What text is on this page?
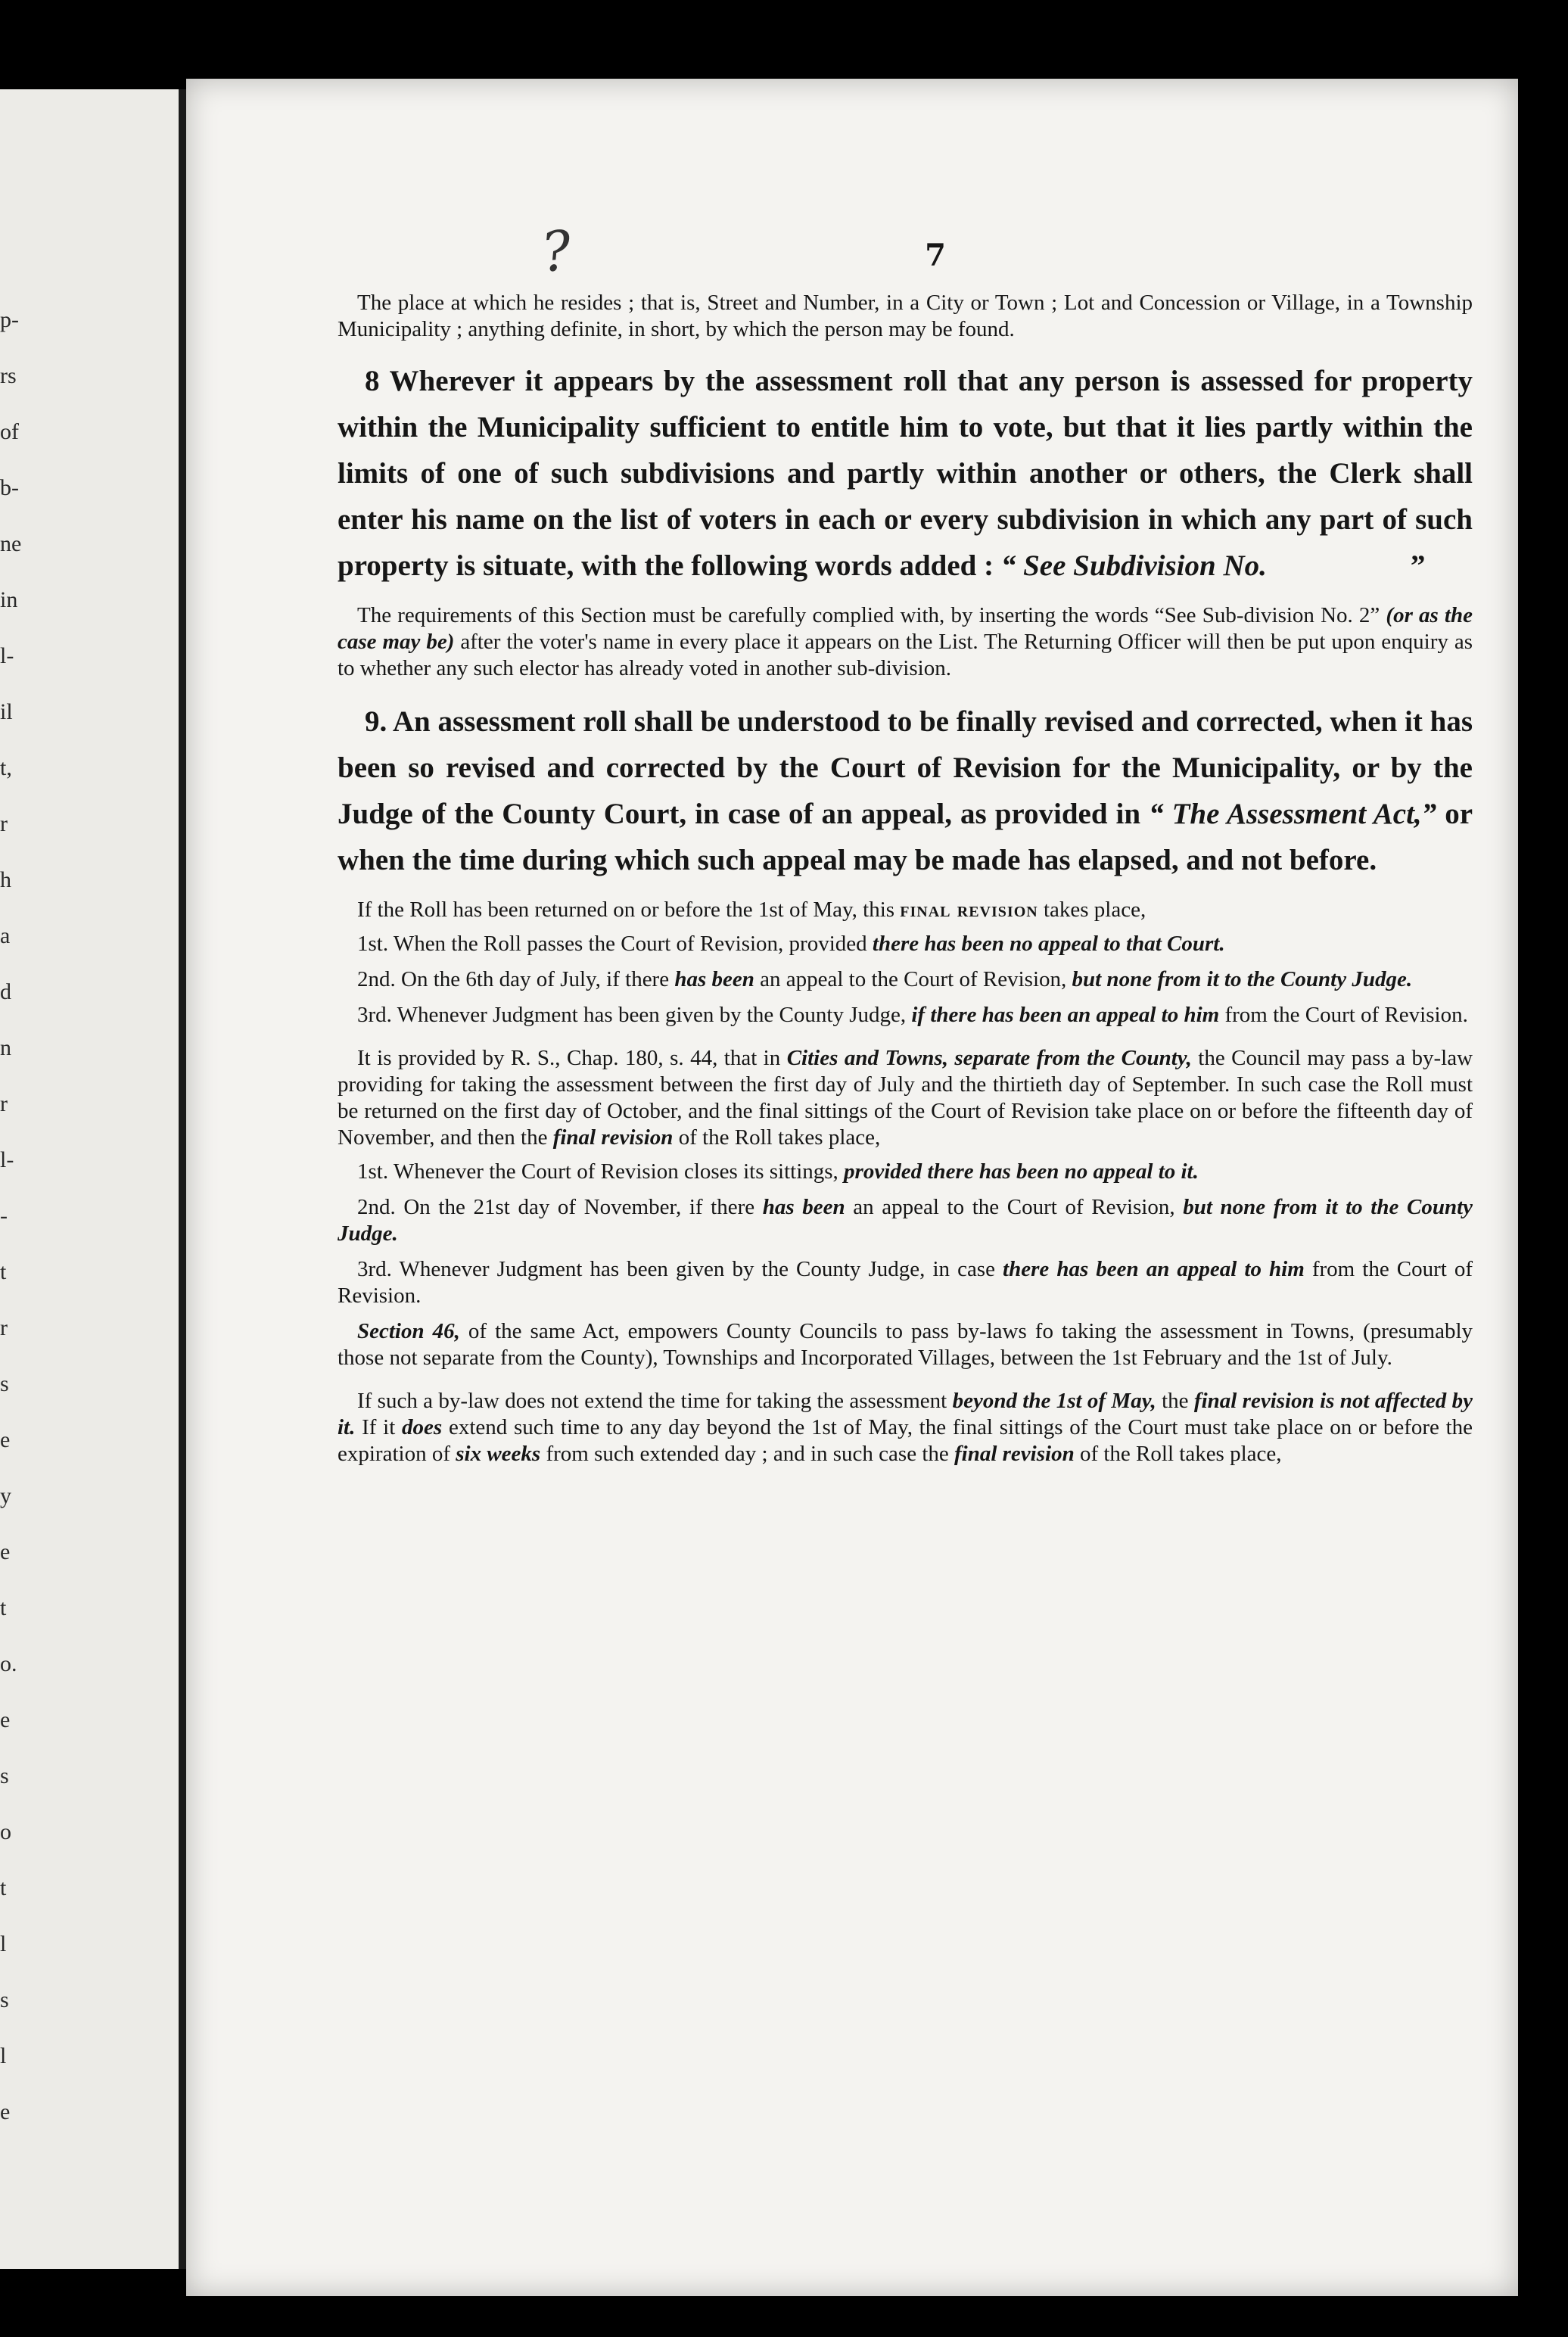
p-
rs
of
b-
ne
in
l-
il
t,
r
h
a
d
n
r
l-
-
t
r
s
e
y
e
t
o.
e
s
o
t
l
s
l
e
?	7

The place at which he resides ; that is, Street and Number, in a City or Town ; Lot and Concession or Village, in a Township Municipality ; anything definite, in short, by which the person may be found.

8 Wherever it appears by the assessment roll that any person is assessed for property within the Municipality sufficient to entitle him to vote, but that it lies partly within the limits of one of such subdivisions and partly within another or others, the Clerk shall enter his name on the list of voters in each or every subdivision in which any part of such property is situate, with the following words added : “ See Subdivision No.	”

The requirements of this Section must be carefully complied with, by inserting the words “See Sub-division No. 2” (or as the case may be) after the voter's name in every place it appears on the List. The Returning Officer will then be put upon enquiry as to whether any such elector has already voted in another sub-division.

9. An assessment roll shall be understood to be finally revised and corrected, when it has been so revised and corrected by the Court of Revision for the Municipality, or by the Judge of the County Court, in case of an appeal, as provided in “ The Assessment Act,” or when the time during which such appeal may be made has elapsed, and not before.

If the Roll has been returned on or before the 1st of May, this final revision takes place,

1st. When the Roll passes the Court of Revision, provided there has been no appeal to that Court.

2nd. On the 6th day of July, if there has been an appeal to the Court of Revision, but none from it to the County Judge.

3rd. Whenever Judgment has been given by the County Judge, if there has been an appeal to him from the Court of Revision.

It is provided by R. S., Chap. 180, s. 44, that in Cities and Towns, separate from the County, the Council may pass a by-law providing for taking the assessment between the first day of July and the thirtieth day of September. In such case the Roll must be returned on the first day of October, and the final sittings of the Court of Revision take place on or before the fifteenth day of November, and then the final revision of the Roll takes place,

1st. Whenever the Court of Revision closes its sittings, provided there has been no appeal to it.

2nd. On the 21st day of November, if there has been an appeal to the Court of Revision, but none from it to the County Judge.

3rd. Whenever Judgment has been given by the County Judge, in case there has been an appeal to him from the Court of Revision.

Section 46, of the same Act, empowers County Councils to pass by-laws fo taking the assessment in Towns, (presumably those not separate from the County), Townships and Incorporated Villages, between the 1st February and the 1st of July.

If such a by-law does not extend the time for taking the assessment beyond the 1st of May, the final revision is not affected by it. If it does extend such time to any day beyond the 1st of May, the final sittings of the Court must take place on or before the expiration of six weeks from such extended day ; and in such case the final revision of the Roll takes place,
